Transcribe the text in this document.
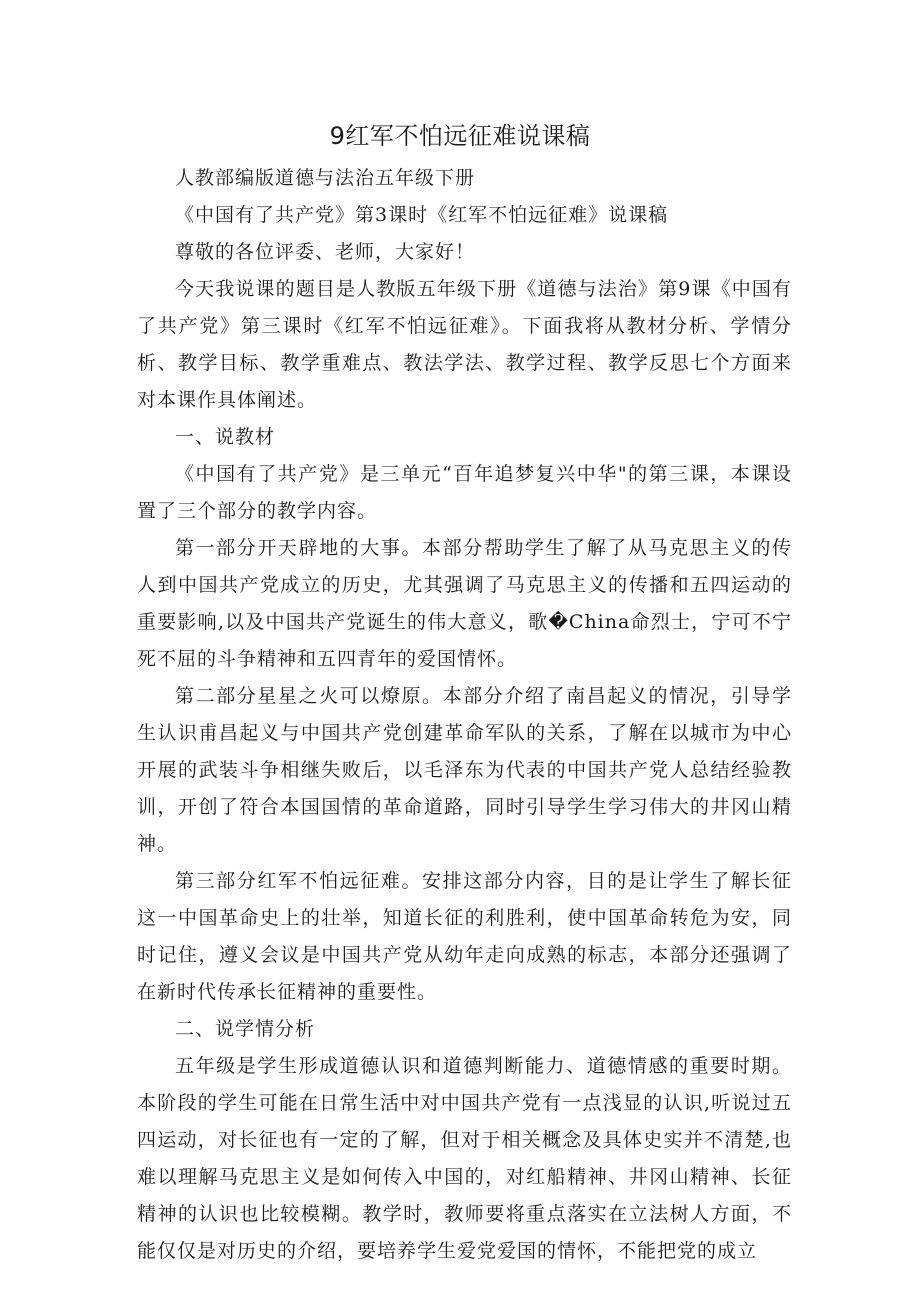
9红军不怕远征难说课稿

人教部编版道德与法治五年级下册

《中国有了共产党》第3课时《红军不怕远征难》说课稿

尊敬的各位评委、老师，大家好！

今天我说课的题目是人教版五年级下册《道德与法治》第9课《中国有了共产党》第三课时《红军不怕远征难》。下面我将从教材分析、学情分析、教学目标、教学重难点、教法学法、教学过程、教学反思七个方面来对本课作具体阐述。

一、说教材

《中国有了共产党》是三单元“百年追梦复兴中华"的第三课，本课设置了三个部分的教学内容。

第一部分开天辟地的大事。本部分帮助学生了解了从马克思主义的传人到中国共产党成立的历史，尤其强调了马克思主义的传播和五四运动的重要影响,以及中国共产党诞生的伟大意义，歌�China命烈士，宁可不宁死不屈的斗争精神和五四青年的爱国情怀。

第二部分星星之火可以燎原。本部分介绍了南昌起义的情况，引导学生认识甫昌起义与中国共产党创建革命军队的关系，了解在以城市为中心开展的武装斗争相继失败后，以毛泽东为代表的中国共产党人总结经验教训，开创了符合本国国情的革命道路，同时引导学生学习伟大的井冈山精神。

第三部分红军不怕远征难。安排这部分内容，目的是让学生了解长征这一中国革命史上的壮举，知道长征的利胜利，使中国革命转危为安，同时记住，遵义会议是中国共产党从幼年走向成熟的标志，本部分还强调了在新时代传承长征精神的重要性。

二、说学情分析

五年级是学生形成道德认识和道德判断能力、道德情感的重要时期。本阶段的学生可能在日常生活中对中国共产党有一点浅显的认识,听说过五四运动，对长征也有一定的了解，但对于相关概念及具体史实并不清楚,也难以理解马克思主义是如何传入中国的，对红船精神、井冈山精神、长征精神的认识也比较模糊。教学时，教师要将重点落实在立法树人方面，不能仅仅是对历史的介绍，要培养学生爱党爱国的情怀，不能把党的成立
